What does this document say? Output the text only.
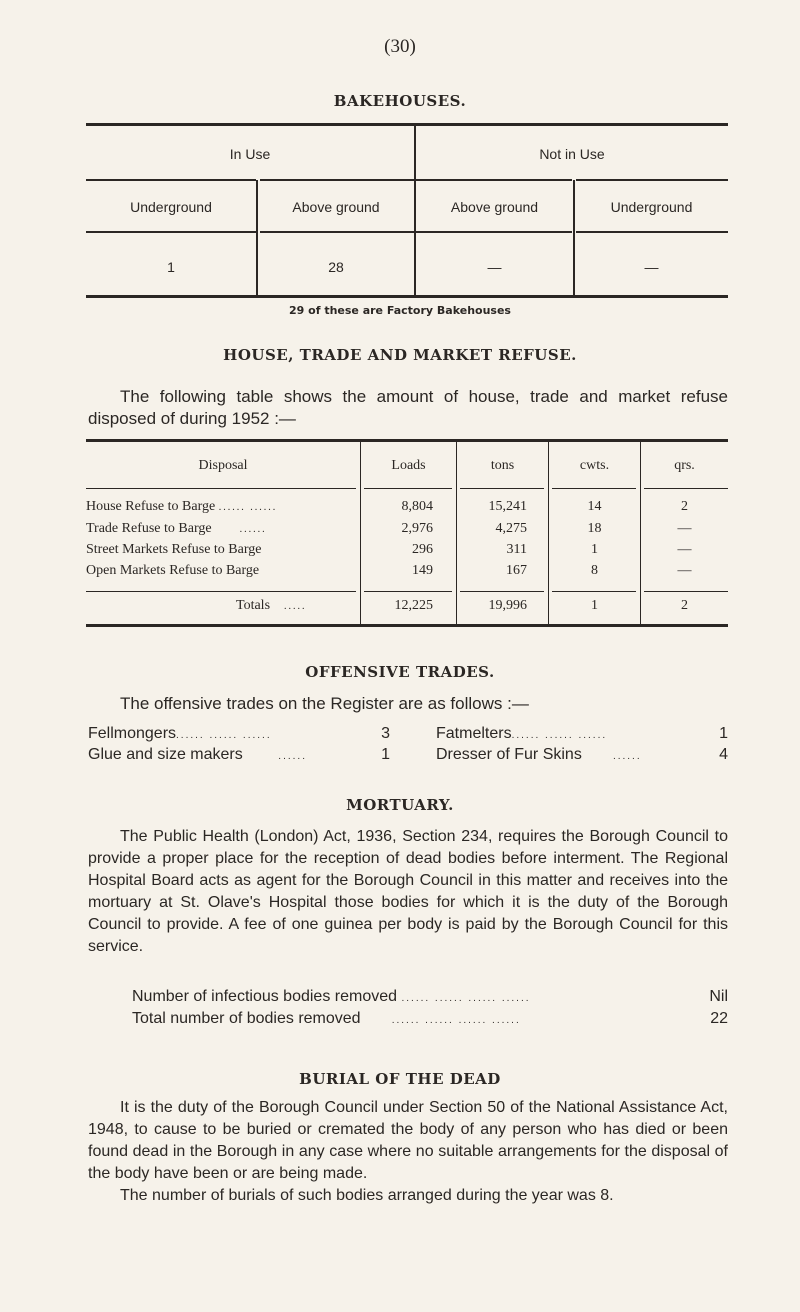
(30)
BAKEHOUSES.
In Use	Not in Use
Underground	Above ground	Above ground	Underground
1	28	—	—
29 of these are Factory Bakehouses
HOUSE, TRADE AND MARKET REFUSE.

The following table shows the amount of house, trade and market refuse disposed of during 1952 :—

Disposal	Loads	tons	cwts.	qrs.
House Refuse to Barge ...... ......	8,804	15,241	14	2
Trade Refuse to Barge	......	2,976	4,275	18	—
Street Markets Refuse to Barge	296	311	1	—
Open Markets Refuse to Barge	149	167	8	—
Totals .....	12,225	19,996	1	2
OFFENSIVE TRADES.

The offensive trades on the Register are as follows :—

Fellmongers...... ...... ......	3	Fatmelters...... ...... ......	1
Glue and size makers	......	1	Dresser of Fur Skins	......	4
MORTUARY.

The Public Health (London) Act, 1936, Section 234, requires the Borough Council to provide a proper place for the reception of dead bodies before interment. The Regional Hospital Board acts as agent for the Borough Council in this matter and receives into the mortuary at St. Olave's Hospital those bodies for which it is the duty of the Borough Council to provide. A fee of one guinea per body is paid by the Borough Council for this service.

Number of infectious bodies removed ...... ...... ...... ......	Nil
Total number of bodies removed	...... ...... ...... ......	22
BURIAL OF THE DEAD

It is the duty of the Borough Council under Section 50 of the National Assistance Act, 1948, to cause to be buried or cremated the body of any person who has died or been found dead in the Borough in any case where no suitable arrangements for the disposal of the body have been or are being made.

The number of burials of such bodies arranged during the year was 8.
